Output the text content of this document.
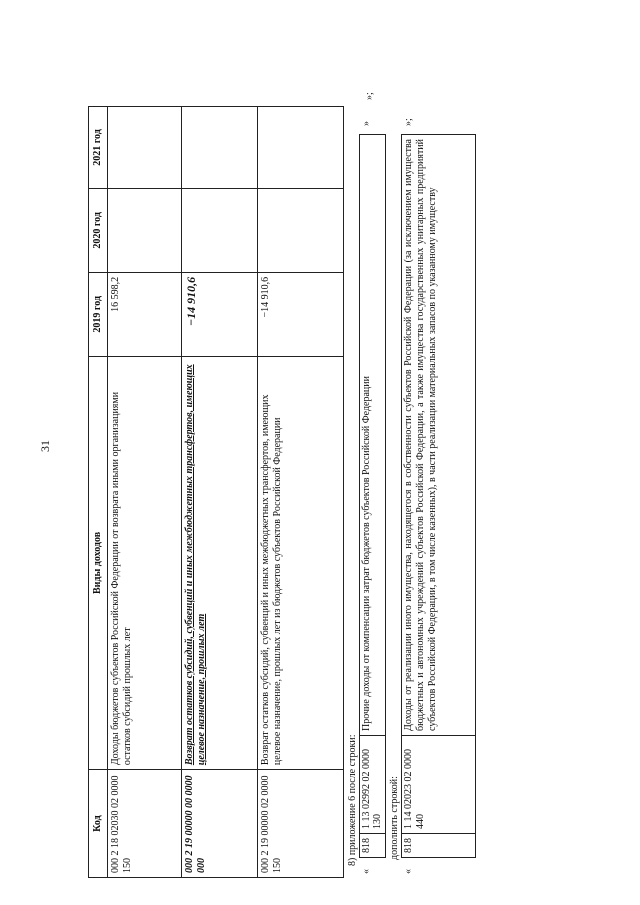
31
Код	Виды доходов	2019 год	2020 год	2021 год
000 2 18 02030 02 0000 150	Доходы бюджетов субъектов Российской Федерации от возврата иными организациями остатков субсидий прошлых лет	16 598,2		
000 2 19 00000 00 0000 000	Возврат остатков субсидий, субвенций и иных межбюджетных трансфертов, имеющих целевое назначение, прошлых лет	−14 910,6		
000 2 19 00000 02 0000 150	Возврат остатков субсидий, субвенций и иных межбюджетных трансфертов, имеющих целевое назначение, прошлых лет из бюджетов субъектов Российской Федерации	−14 910,6		
»;
8) приложение 6 после строки:
«
818	1 13 02992 02 0000 130	Прочие доходы от компенсации затрат бюджетов субъектов Российской Федерации
»
дополнить строкой:
«
818	1 14 02023 02 0000 440	Доходы от реализации иного имущества, находящегося в собственности субъектов Российской Федерации (за исключением имущества бюджетных и автономных учреждений субъектов Российской Федерации, а также имущества государственных унитарных предприятий субъектов Российской Федерации, в том числе казенных), в части реализации материальных запасов по указанному имуществу
»;
